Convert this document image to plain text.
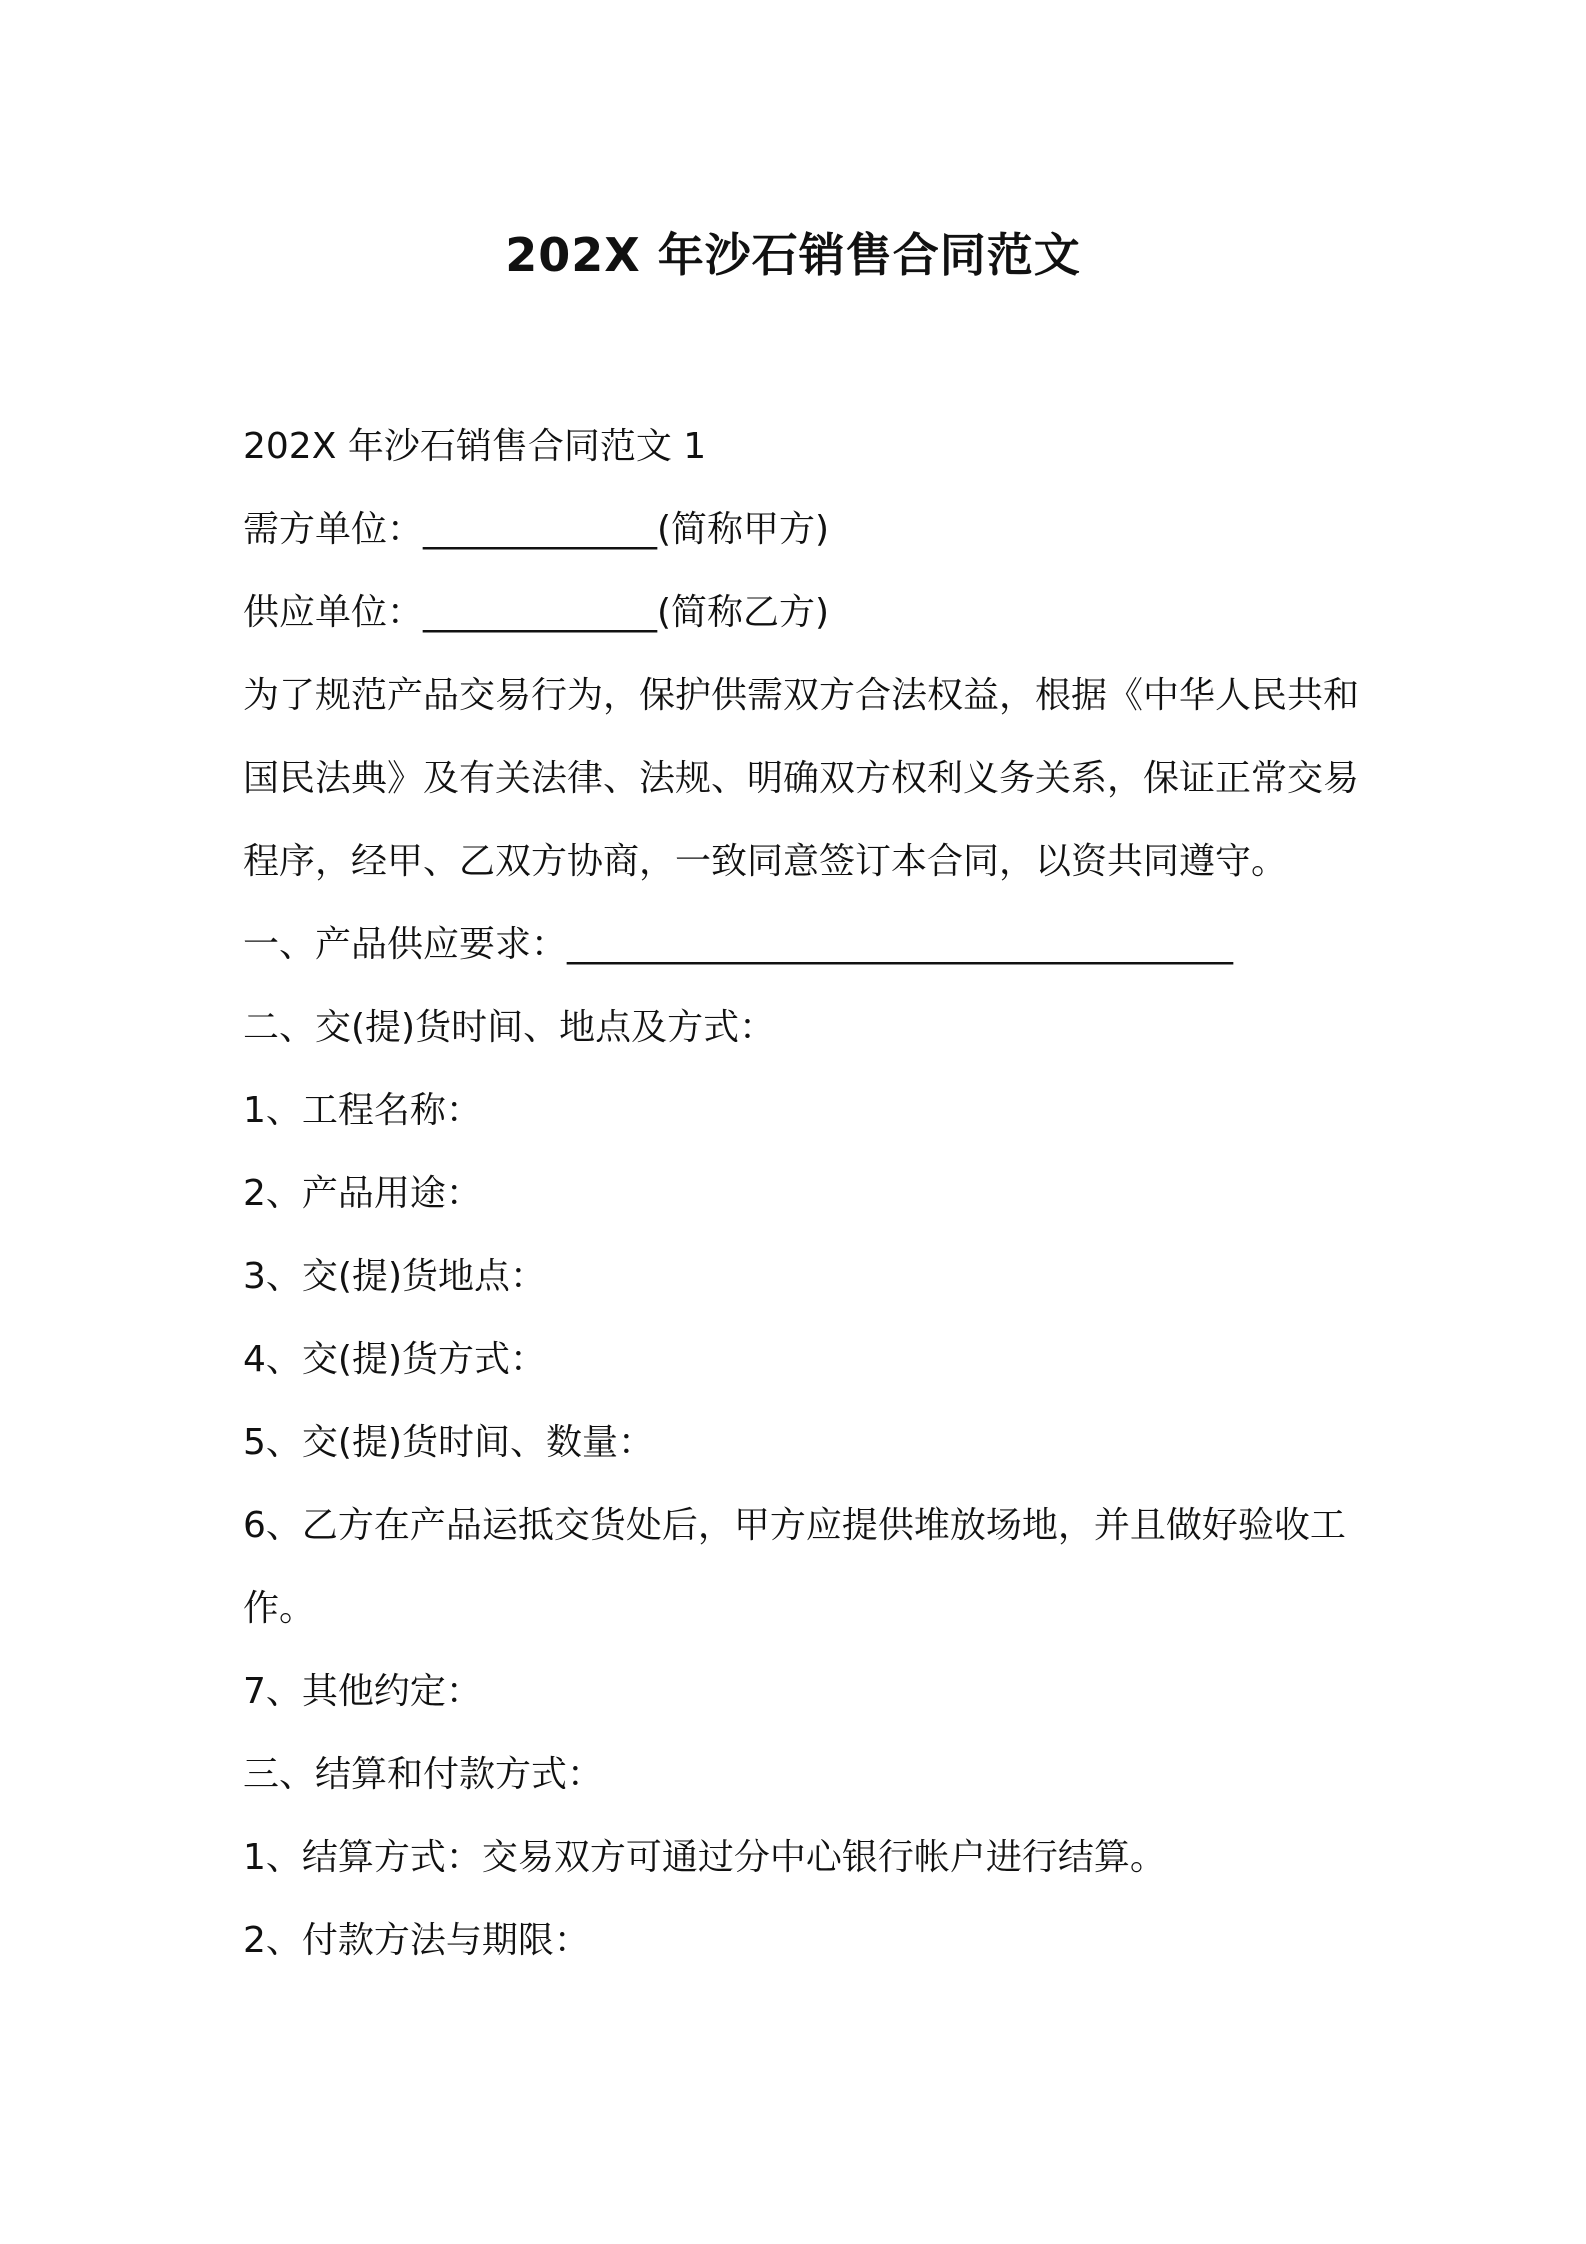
202X 年沙石销售合同范文

202X 年沙石销售合同范文 1

需方单位：_____________(简称甲方)

供应单位：_____________(简称乙方)

为了规范产品交易行为，保护供需双方合法权益，根据《中华人民共和国民法典》及有关法律、法规、明确双方权利义务关系，保证正常交易程序，经甲、乙双方协商，一致同意签订本合同，以资共同遵守。

一、产品供应要求：_____________________________________

二、交(提)货时间、地点及方式：

1、工程名称：

2、产品用途：

3、交(提)货地点：

4、交(提)货方式：

5、交(提)货时间、数量：

6、乙方在产品运抵交货处后，甲方应提供堆放场地，并且做好验收工作。

7、其他约定：

三、结算和付款方式：

1、结算方式：交易双方可通过分中心银行帐户进行结算。

2、付款方法与期限：
